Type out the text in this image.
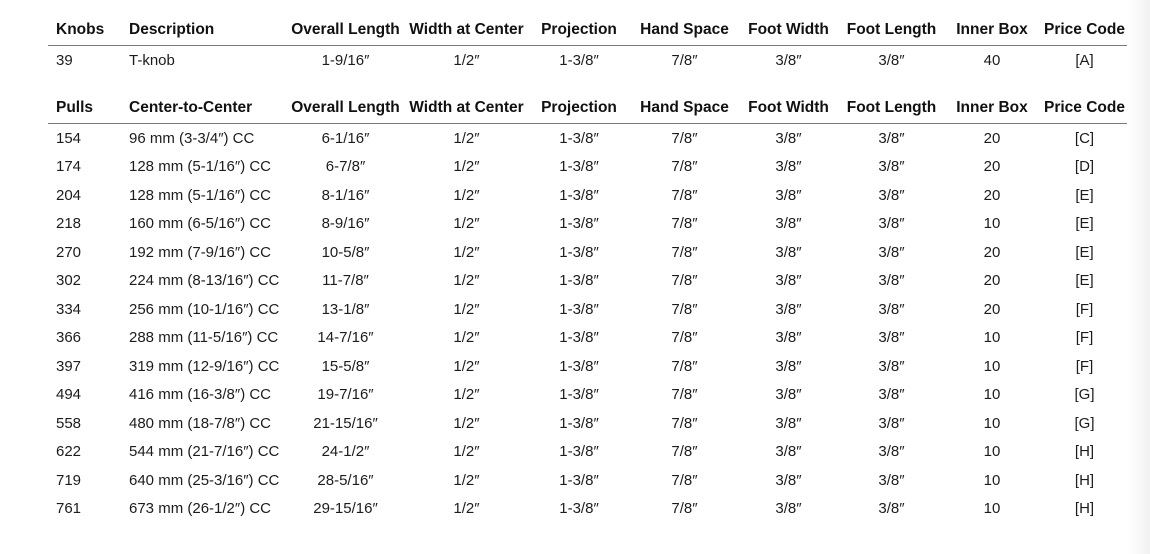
Knobs	Description	Overall Length	Width at Center	Projection	Hand Space	Foot Width	Foot Length	Inner Box	Price Code
39	T-knob	1-9/16″	1/2″	1-3/8″	7/8″	3/8″	3/8″	40	[A]
Pulls	Center-to-Center	Overall Length	Width at Center	Projection	Hand Space	Foot Width	Foot Length	Inner Box	Price Code
154	96 mm (3-3/4″) CC	6-1/16″	1/2″	1-3/8″	7/8″	3/8″	3/8″	20	[C]
174	128 mm (5-1/16″) CC	6-7/8″	1/2″	1-3/8″	7/8″	3/8″	3/8″	20	[D]
204	128 mm (5-1/16″) CC	8-1/16″	1/2″	1-3/8″	7/8″	3/8″	3/8″	20	[E]
218	160 mm (6-5/16″) CC	8-9/16″	1/2″	1-3/8″	7/8″	3/8″	3/8″	10	[E]
270	192 mm (7-9/16″) CC	10-5/8″	1/2″	1-3/8″	7/8″	3/8″	3/8″	20	[E]
302	224 mm (8-13/16″) CC	11-7/8″	1/2″	1-3/8″	7/8″	3/8″	3/8″	20	[E]
334	256 mm (10-1/16″) CC	13-1/8″	1/2″	1-3/8″	7/8″	3/8″	3/8″	20	[F]
366	288 mm (11-5/16″) CC	14-7/16″	1/2″	1-3/8″	7/8″	3/8″	3/8″	10	[F]
397	319 mm (12-9/16″) CC	15-5/8″	1/2″	1-3/8″	7/8″	3/8″	3/8″	10	[F]
494	416 mm (16-3/8″) CC	19-7/16″	1/2″	1-3/8″	7/8″	3/8″	3/8″	10	[G]
558	480 mm (18-7/8″) CC	21-15/16″	1/2″	1-3/8″	7/8″	3/8″	3/8″	10	[G]
622	544 mm (21-7/16″) CC	24-1/2″	1/2″	1-3/8″	7/8″	3/8″	3/8″	10	[H]
719	640 mm (25-3/16″) CC	28-5/16″	1/2″	1-3/8″	7/8″	3/8″	3/8″	10	[H]
761	673 mm (26-1/2″) CC	29-15/16″	1/2″	1-3/8″	7/8″	3/8″	3/8″	10	[H]
